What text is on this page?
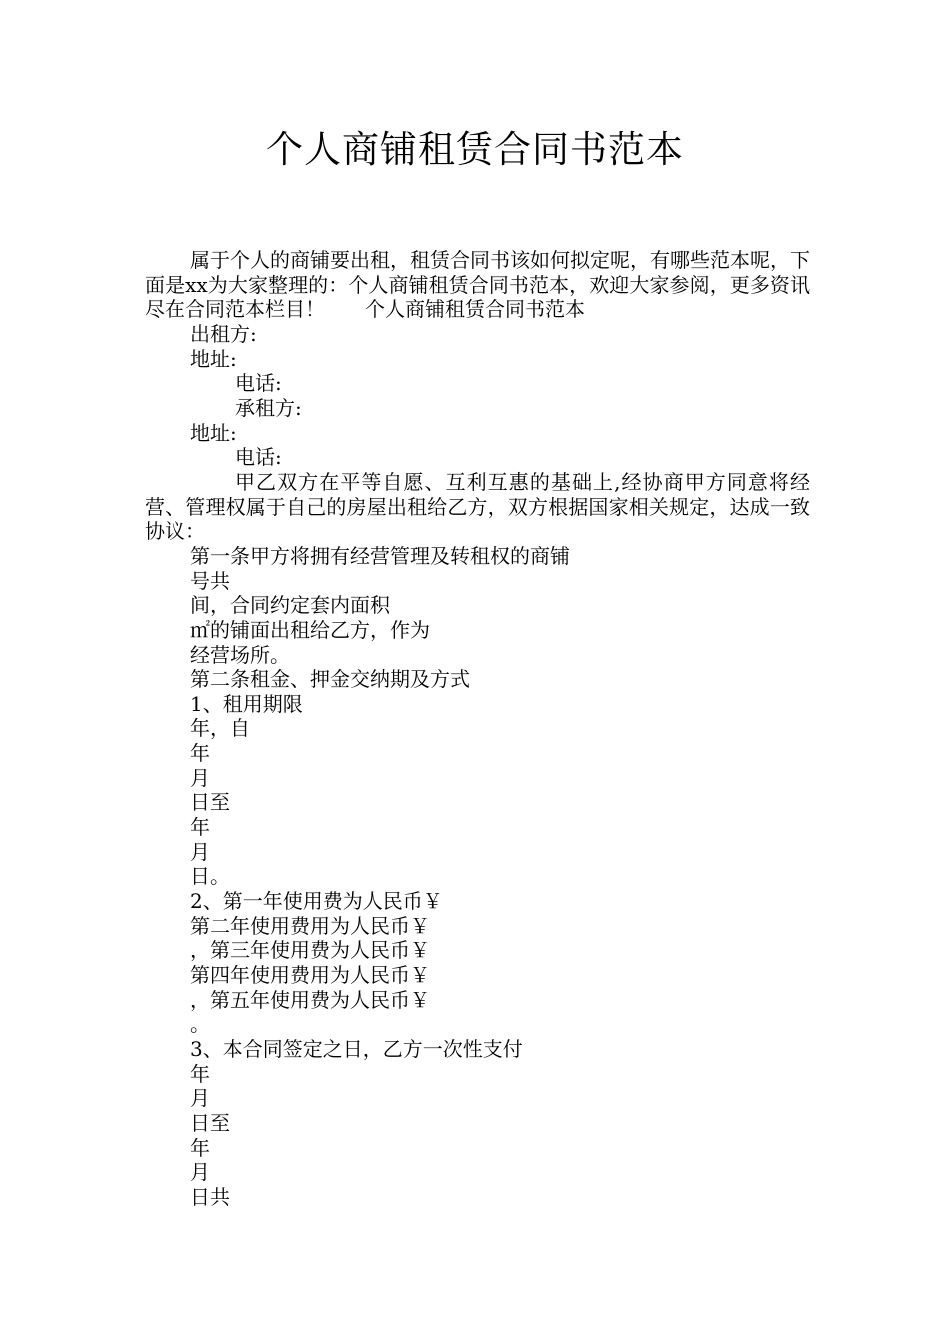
个人商铺租赁合同书范本

属于个人的商铺要出租，租赁合同书该如何拟定呢，有哪些范本呢，下面是xx为大家整理的：个人商铺租赁合同书范本，欢迎大家参阅，更多资讯尽在合同范本栏目！　　个人商铺租赁合同书范本

出租方:

地址:

电话:

承租方:

地址:

电话:

甲乙双方在平等自愿、互利互惠的基础上,经协商甲方同意将经营、管理权属于自己的房屋出租给乙方，双方根据国家相关规定，达成一致协议：

第一条甲方将拥有经营管理及转租权的商铺

号共

间，合同约定套内面积

㎡的铺面出租给乙方，作为

经营场所。

第二条租金、押金交纳期及方式

1、租用期限

年，自

年

月

日至

年

月

日。

2、第一年使用费为人民币￥

第二年使用费用为人民币￥

，第三年使用费为人民币￥

第四年使用费用为人民币￥

，第五年使用费为人民币￥

。

3、本合同签定之日，乙方一次性支付

年

月

日至

年

月

日共
